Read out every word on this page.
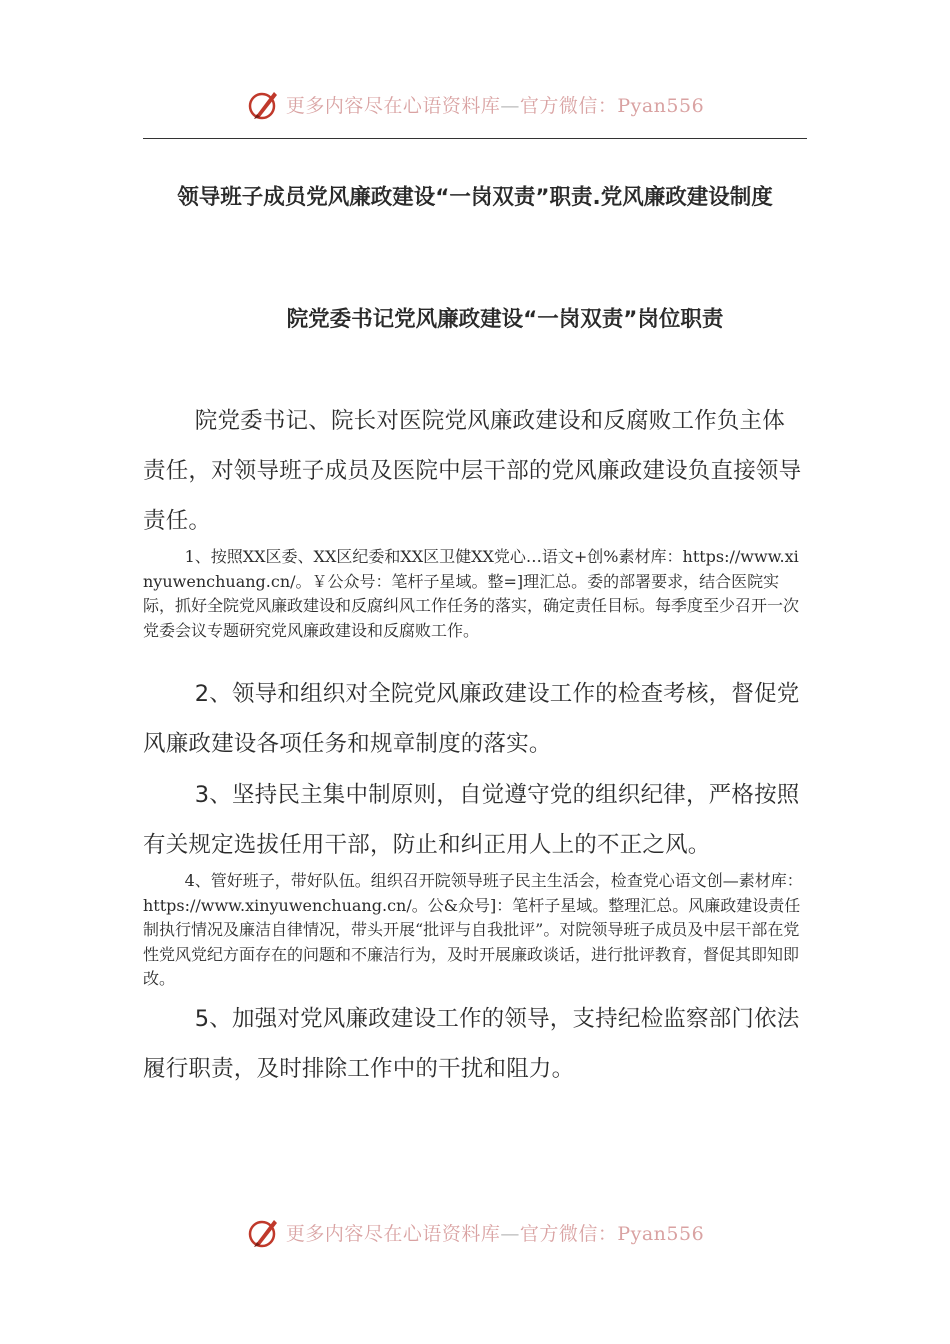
更多内容尽在心语资料库—官方微信：Pyan556
领导班子成员党风廉政建设“一岗双责”职责.党风廉政建设制度
院党委书记党风廉政建设“一岗双责”岗位职责

院党委书记、院长对医院党风廉政建设和反腐败工作负主体责任，对领导班子成员及医院中层干部的党风廉政建设负直接领导责任。

1、按照XX区委、XX区纪委和XX区卫健XX党心…语文+创%素材库：https://www.xinyuwenchuang.cn/。￥公众号：笔杆子星域。整=]理汇总。委的部署要求，结合医院实际，抓好全院党风廉政建设和反腐纠风工作任务的落实，确定责任目标。每季度至少召开一次党委会议专题研究党风廉政建设和反腐败工作。

2、领导和组织对全院党风廉政建设工作的检查考核，督促党风廉政建设各项任务和规章制度的落实。

3、坚持民主集中制原则，自觉遵守党的组织纪律，严格按照有关规定选拔任用干部，防止和纠正用人上的不正之风。

4、管好班子，带好队伍。组织召开院领导班子民主生活会，检查党心语文创—素材库：https://www.xinyuwenchuang.cn/。公&众号]：笔杆子星域。整理汇总。风廉政建设责任制执行情况及廉洁自律情况，带头开展“批评与自我批评”。对院领导班子成员及中层干部在党性党风党纪方面存在的问题和不廉洁行为，及时开展廉政谈话，进行批评教育，督促其即知即改。

5、加强对党风廉政建设工作的领导，支持纪检监察部门依法履行职责，及时排除工作中的干扰和阻力。

更多内容尽在心语资料库—官方微信：Pyan556
